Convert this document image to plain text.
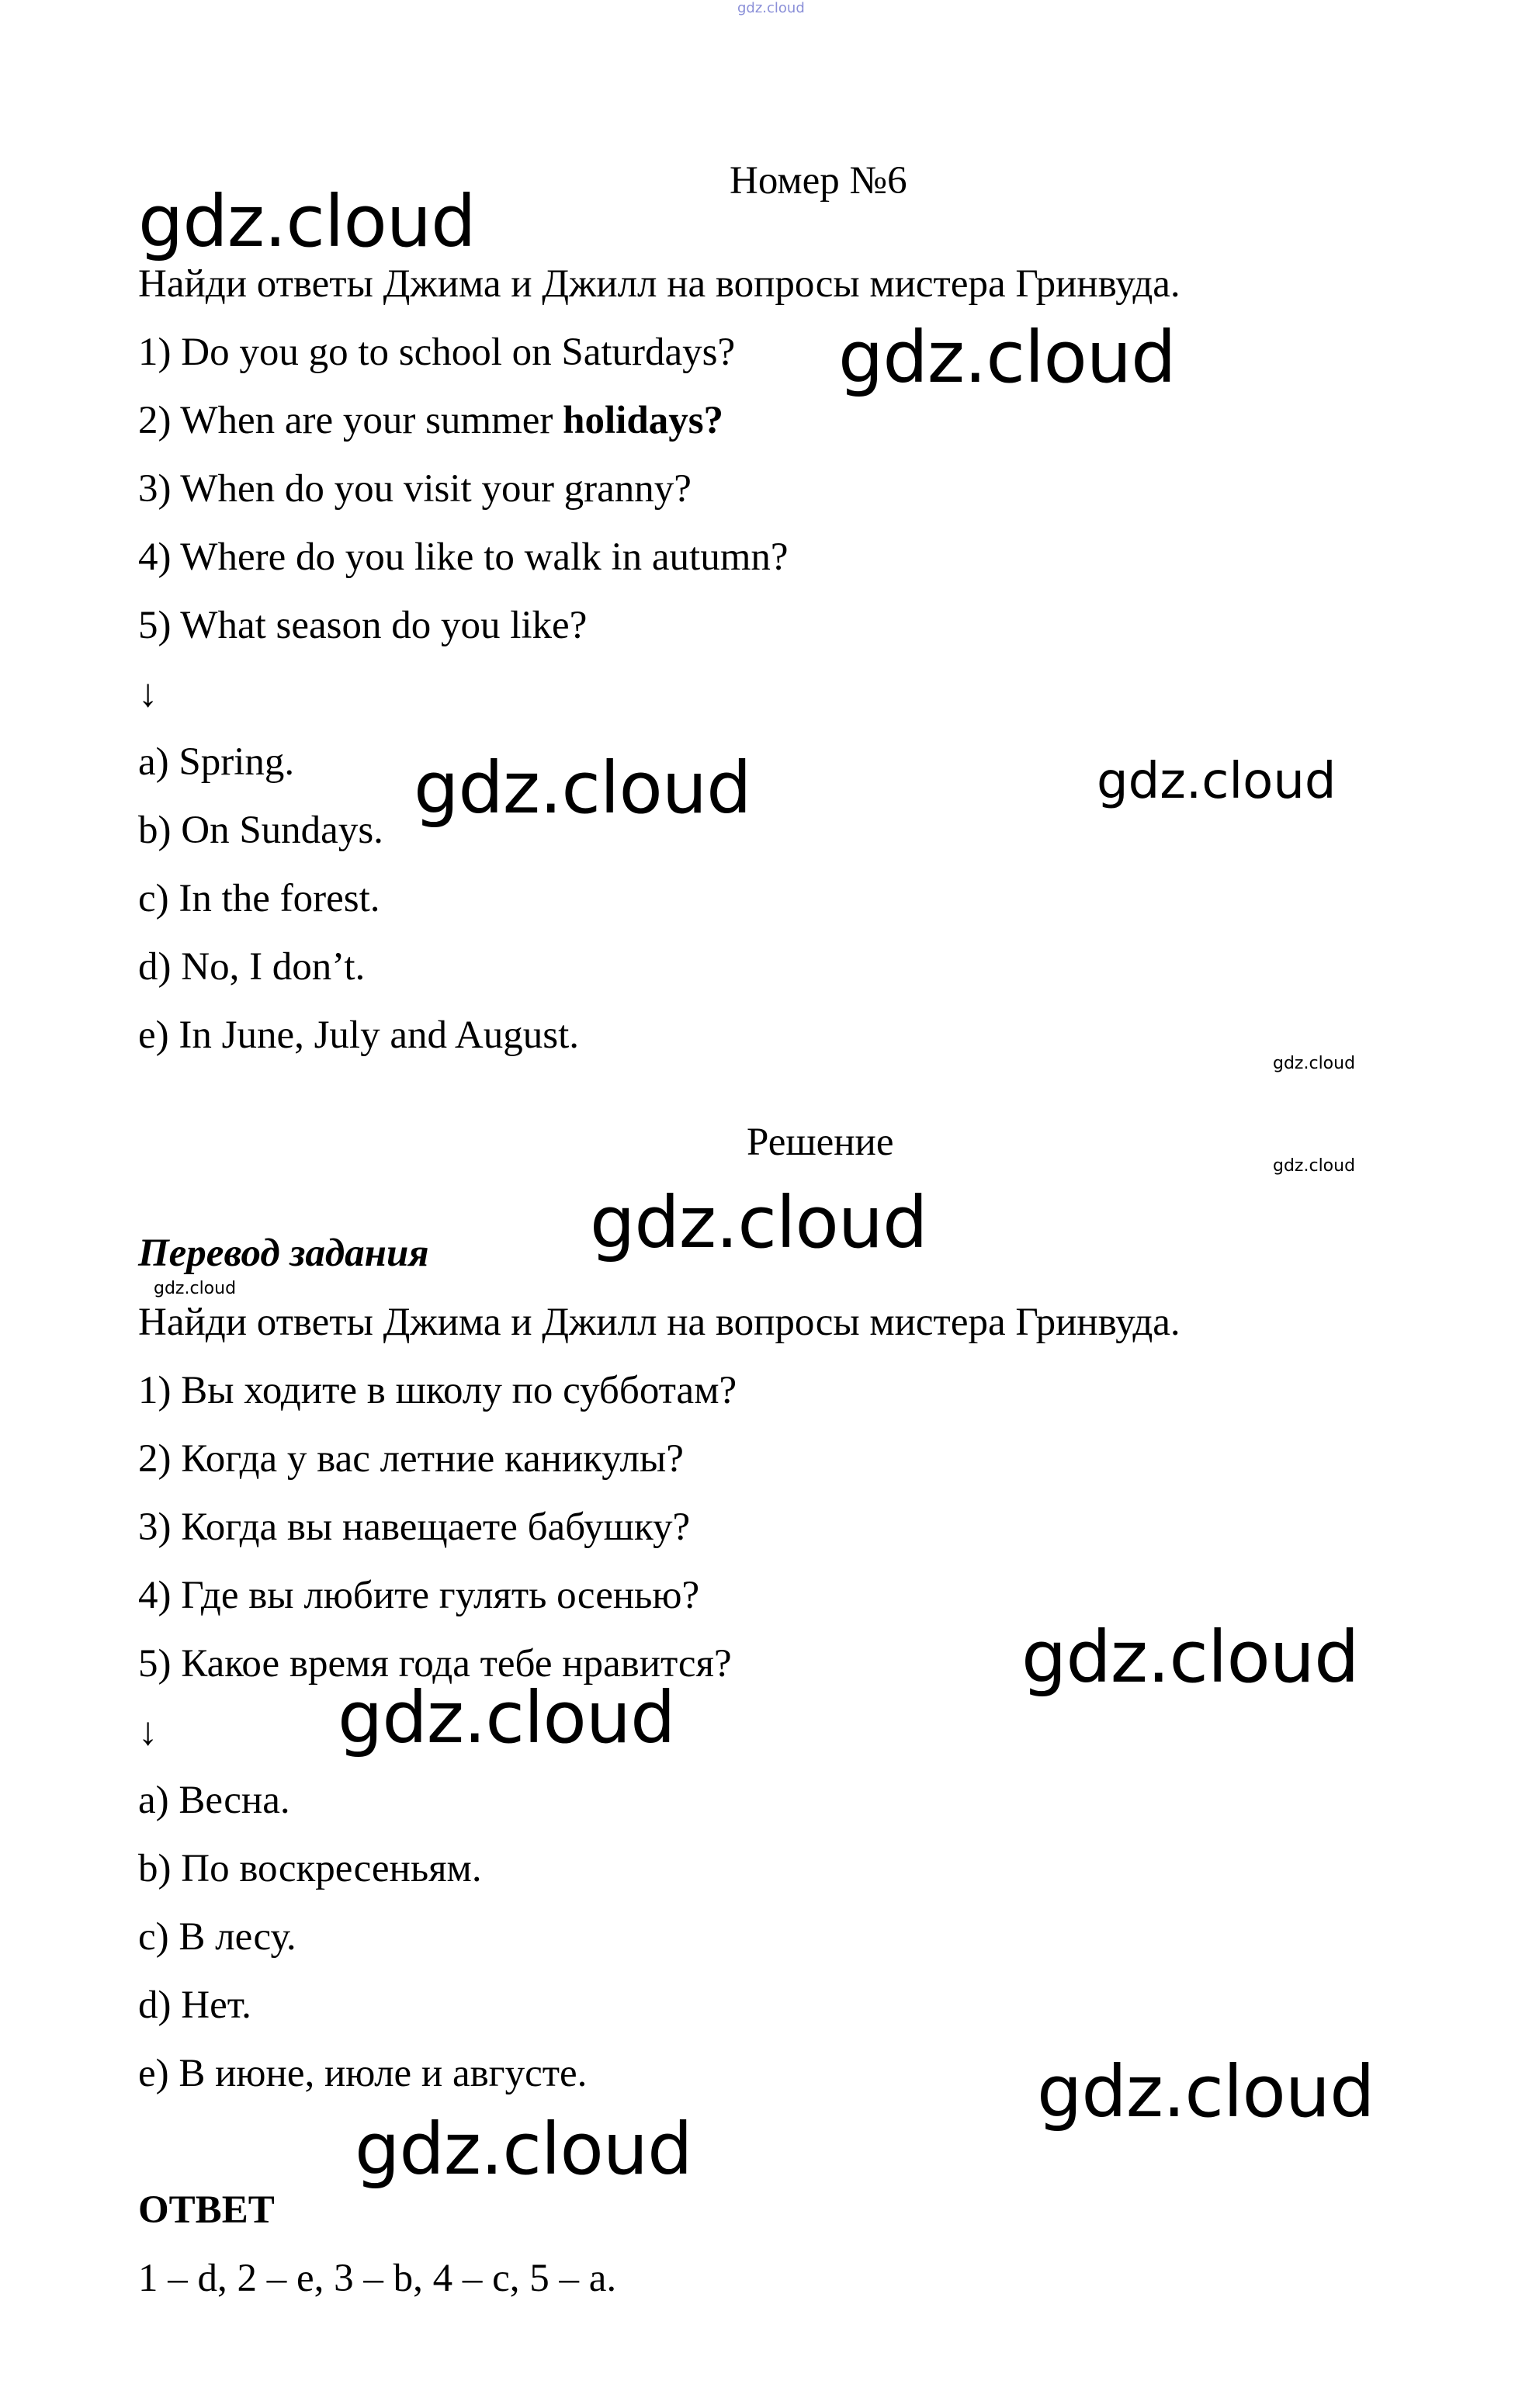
gdz.cloud
gdz.cloud
gdz.cloud
gdz.cloud	gdz.cloud
gdz.cloud
gdz.cloud
gdz.cloud
gdz.cloud
gdz.cloud
gdz.cloud
gdz.cloud
gdz.cloud
Номер №6
Найди ответы Джима и Джилл на вопросы мистера Гринвуда.
1) Do you go to school on Saturdays?
2) When are your summer holidays?
3) When do you visit your granny?
4) Where do you like to walk in autumn?
5) What season do you like?
↓
a) Spring.
b) On Sundays.
c) In the forest.
d) No, I don’t.
e) In June, July and August.
Решение
Перевод задания
Найди ответы Джима и Джилл на вопросы мистера Гринвуда.
1) Вы ходите в школу по субботам?
2) Когда у вас летние каникулы?
3) Когда вы навещаете бабушку?
4) Где вы любите гулять осенью?
5) Какое время года тебе нравится?
↓
a) Весна.
b) По воскресеньям.
c) В лесу.
d) Нет.
e) В июне, июле и августе.
ОТВЕТ
1 – d, 2 – e, 3 – b, 4 – c, 5 – a.
